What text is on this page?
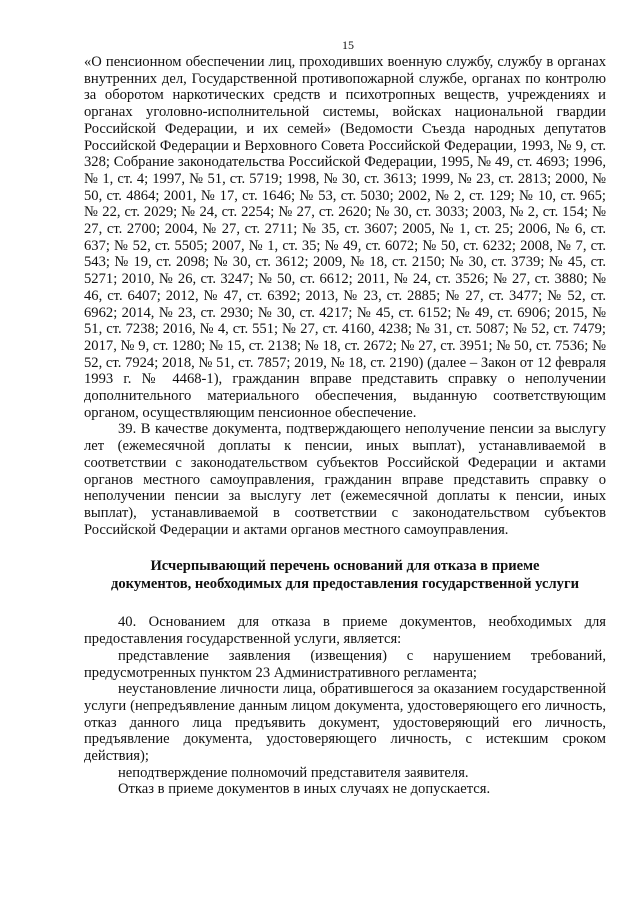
15

«О пенсионном обеспечении лиц, проходивших военную службу, службу в органах внутренних дел, Государственной противопожарной службе, органах по контролю за оборотом наркотических средств и психотропных веществ, учреждениях и органах уголовно-исполнительной системы, войсках национальной гвардии Российской Федерации, и их семей» (Ведомости Съезда народных депутатов Российской Федерации и Верховного Совета Российской Федерации, 1993, № 9, ст. 328; Собрание законодательства Российской Федерации, 1995, № 49, ст. 4693; 1996, № 1, ст. 4; 1997, № 51, ст. 5719; 1998, № 30, ст. 3613; 1999, № 23, ст. 2813; 2000, № 50, ст. 4864; 2001, № 17, ст. 1646; № 53, ст. 5030; 2002, № 2, ст. 129; № 10, ст. 965; № 22, ст. 2029; № 24, ст. 2254; № 27, ст. 2620; № 30, ст. 3033; 2003, № 2, ст. 154; № 27, ст. 2700; 2004, № 27, ст. 2711; № 35, ст. 3607; 2005, № 1, ст. 25; 2006, № 6, ст. 637; № 52, ст. 5505; 2007, № 1, ст. 35; № 49, ст. 6072; № 50, ст. 6232; 2008, № 7, ст. 543; № 19, ст. 2098; № 30, ст. 3612; 2009, № 18, ст. 2150; № 30, ст. 3739; № 45, ст. 5271; 2010, № 26, ст. 3247; № 50, ст. 6612; 2011, № 24, ст. 3526; № 27, ст. 3880; № 46, ст. 6407; 2012, № 47, ст. 6392; 2013, № 23, ст. 2885; № 27, ст. 3477; № 52, ст. 6962; 2014, № 23, ст. 2930; № 30, ст. 4217; № 45, ст. 6152; № 49, ст. 6906; 2015, № 51, ст. 7238; 2016, № 4, ст. 551; № 27, ст. 4160, 4238; № 31, ст. 5087; № 52, ст. 7479; 2017, № 9, ст. 1280; № 15, ст. 2138; № 18, ст. 2672; № 27, ст. 3951; № 50, ст. 7536; № 52, ст. 7924; 2018, № 51, ст. 7857; 2019, № 18, ст. 2190) (далее – Закон от 12 февраля 1993 г. № 4468-1), гражданин вправе представить справку о неполучении дополнительного материального обеспечения, выданную соответствующим органом, осуществляющим пенсионное обеспечение.

39. В качестве документа, подтверждающего неполучение пенсии за выслугу лет (ежемесячной доплаты к пенсии, иных выплат), устанавливаемой в соответствии с законодательством субъектов Российской Федерации и актами органов местного самоуправления, гражданин вправе представить справку о неполучении пенсии за выслугу лет (ежемесячной доплаты к пенсии, иных выплат), устанавливаемой в соответствии с законодательством субъектов Российской Федерации и актами органов местного самоуправления.

Исчерпывающий перечень оснований для отказа в приеме
документов, необходимых для предоставления государственной услуги

40. Основанием для отказа в приеме документов, необходимых для предоставления государственной услуги, является:

представление заявления (извещения) с нарушением требований, предусмотренных пунктом 23 Административного регламента;

неустановление личности лица, обратившегося за оказанием государственной услуги (непредъявление данным лицом документа, удостоверяющего его личность, отказ данного лица предъявить документ, удостоверяющий его личность, предъявление документа, удостоверяющего личность, с истекшим сроком действия);

неподтверждение полномочий представителя заявителя.

Отказ в приеме документов в иных случаях не допускается.
